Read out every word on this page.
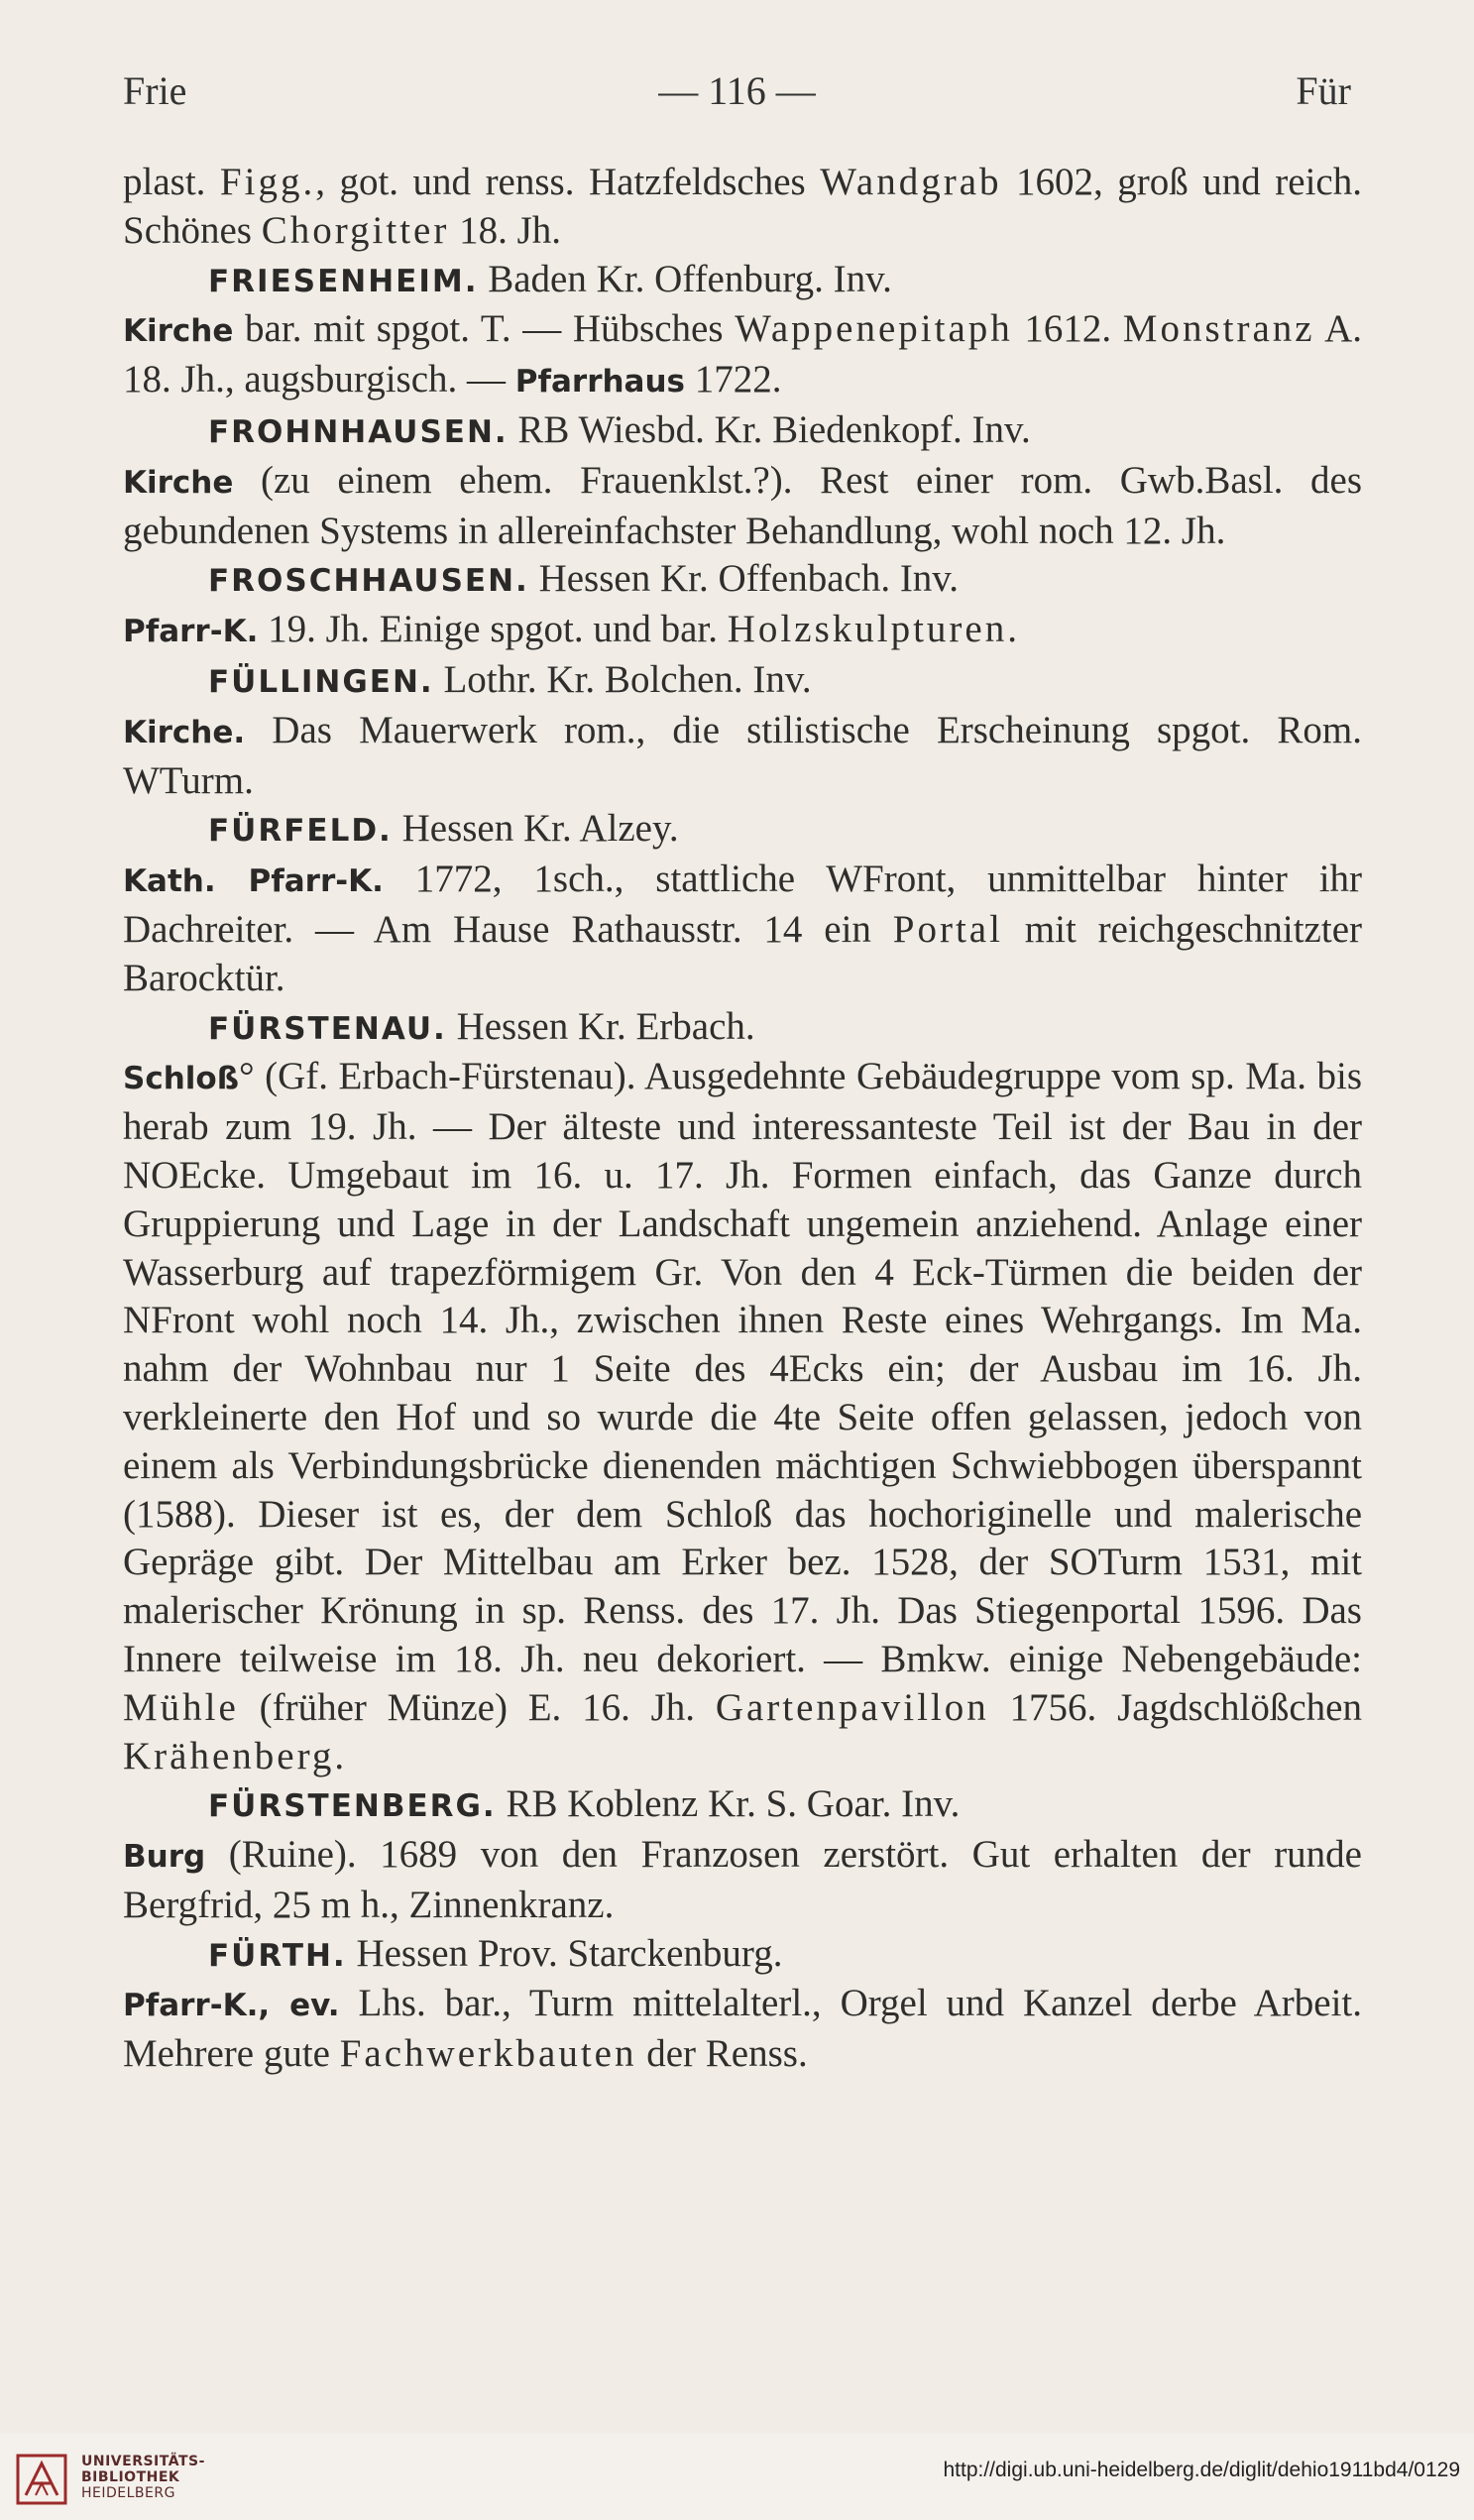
Frie	— 116 —	Für

plast. Figg., got. und renss. Hatzfeldsches Wandgrab 1602, groß und reich. Schönes Chorgitter 18. Jh.

FRIESENHEIM. Baden Kr. Offenburg. Inv.

Kirche bar. mit spgot. T. — Hübsches Wappenepitaph 1612. Monstranz A. 18. Jh., augsburgisch. — Pfarrhaus 1722.

FROHNHAUSEN. RB Wiesbd. Kr. Biedenkopf. Inv.

Kirche (zu einem ehem. Frauenklst.?). Rest einer rom. Gwb.Basl. des gebundenen Systems in allereinfachster Behandlung, wohl noch 12. Jh.

FROSCHHAUSEN. Hessen Kr. Offenbach. Inv.

Pfarr-K. 19. Jh. Einige spgot. und bar. Holzskulpturen.

FÜLLINGEN. Lothr. Kr. Bolchen. Inv.

Kirche. Das Mauerwerk rom., die stilistische Erscheinung spgot. Rom. WTurm.

FÜRFELD. Hessen Kr. Alzey.

Kath. Pfarr-K. 1772, 1sch., stattliche WFront, unmittelbar hinter ihr Dachreiter. — Am Hause Rathausstr. 14 ein Portal mit reichgeschnitzter Barocktür.

FÜRSTENAU. Hessen Kr. Erbach.

Schloß° (Gf. Erbach-Fürstenau). Ausgedehnte Gebäudegruppe vom sp. Ma. bis herab zum 19. Jh. — Der älteste und interessanteste Teil ist der Bau in der NOEcke. Umgebaut im 16. u. 17. Jh. Formen einfach, das Ganze durch Gruppierung und Lage in der Landschaft ungemein anziehend. Anlage einer Wasserburg auf trapezförmigem Gr. Von den 4 Eck-Türmen die beiden der NFront wohl noch 14. Jh., zwischen ihnen Reste eines Wehrgangs. Im Ma. nahm der Wohnbau nur 1 Seite des 4Ecks ein; der Ausbau im 16. Jh. verkleinerte den Hof und so wurde die 4te Seite offen gelassen, jedoch von einem als Verbindungsbrücke dienenden mächtigen Schwiebbogen überspannt (1588). Dieser ist es, der dem Schloß das hochoriginelle und malerische Gepräge gibt. Der Mittelbau am Erker bez. 1528, der SOTurm 1531, mit malerischer Krönung in sp. Renss. des 17. Jh. Das Stiegenportal 1596. Das Innere teilweise im 18. Jh. neu dekoriert. — Bmkw. einige Nebengebäude: Mühle (früher Münze) E. 16. Jh. Gartenpavillon 1756. Jagdschlößchen Krähenberg.

FÜRSTENBERG. RB Koblenz Kr. S. Goar. Inv.

Burg (Ruine). 1689 von den Franzosen zerstört. Gut erhalten der runde Bergfrid, 25 m h., Zinnenkranz.

FÜRTH. Hessen Prov. Starckenburg.

Pfarr-K., ev. Lhs. bar., Turm mittelalterl., Orgel und Kanzel derbe Arbeit. Mehrere gute Fachwerkbauten der Renss.

UNIVERSITÄTS-
BIBLIOTHEK
HEIDELBERG
http://digi.ub.uni-heidelberg.de/diglit/dehio1911bd4/0129
